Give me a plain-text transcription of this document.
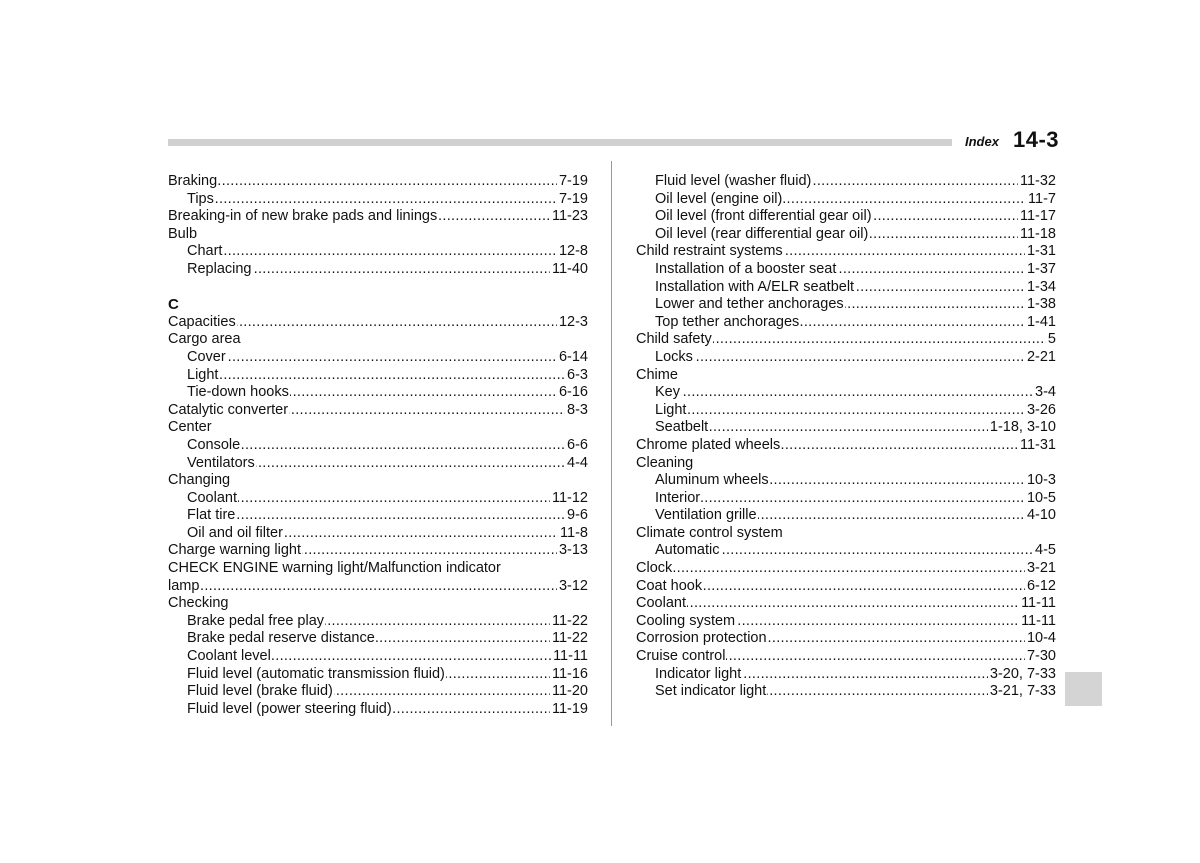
Index 14-3
Braking	7-19
.....
Tips	7-19
.....
Breaking-in of new brake pads and linings	11-23
.....
Bulb
Chart	12-8
.....
Replacing	11-40
.....
C
Capacities	12-3
.....
Cargo area
Cover	6-14
.....
Light	6-3
.....
Tie-down hooks	6-16
.....
Catalytic converter	8-3
.....
Center
Console	6-6
.....
Ventilators	4-4
.....
Changing
Coolant	11-12
.....
Flat tire	9-6
.....
Oil and oil filter	11-8
.....
Charge warning light	3-13
.....
CHECK ENGINE warning light/Malfunction indicator
lamp	3-12
.....
Checking
Brake pedal free play	11-22
.....
Brake pedal reserve distance	11-22
.....
Coolant level	11-11
.....
Fluid level (automatic transmission fluid)	11-16
.....
Fluid level (brake fluid)	11-20
.....
Fluid level (power steering fluid)	11-19
.....
Fluid level (washer fluid)	11-32
.....
Oil level (engine oil)	11-7
.....
Oil level (front differential gear oil)	11-17
.....
Oil level (rear differential gear oil)	11-18
.....
Child restraint systems	1-31
.....
Installation of a booster seat	1-37
.....
Installation with A/ELR seatbelt	1-34
.....
Lower and tether anchorages	1-38
.....
Top tether anchorages	1-41
.....
Child safety	5
.....
Locks	2-21
.....
Chime
Key	3-4
.....
Light	3-26
.....
Seatbelt	1-18, 3-10
.....
Chrome plated wheels	11-31
.....
Cleaning
Aluminum wheels	10-3
.....
Interior	10-5
.....
Ventilation grille	4-10
.....
Climate control system
Automatic	4-5
.....
Clock	3-21
.....
Coat hook	6-12
.....
Coolant	11-11
.....
Cooling system	11-11
.....
Corrosion protection	10-4
.....
Cruise control	7-30
.....
Indicator light	3-20, 7-33
.....
Set indicator light	3-21, 7-33
.....
